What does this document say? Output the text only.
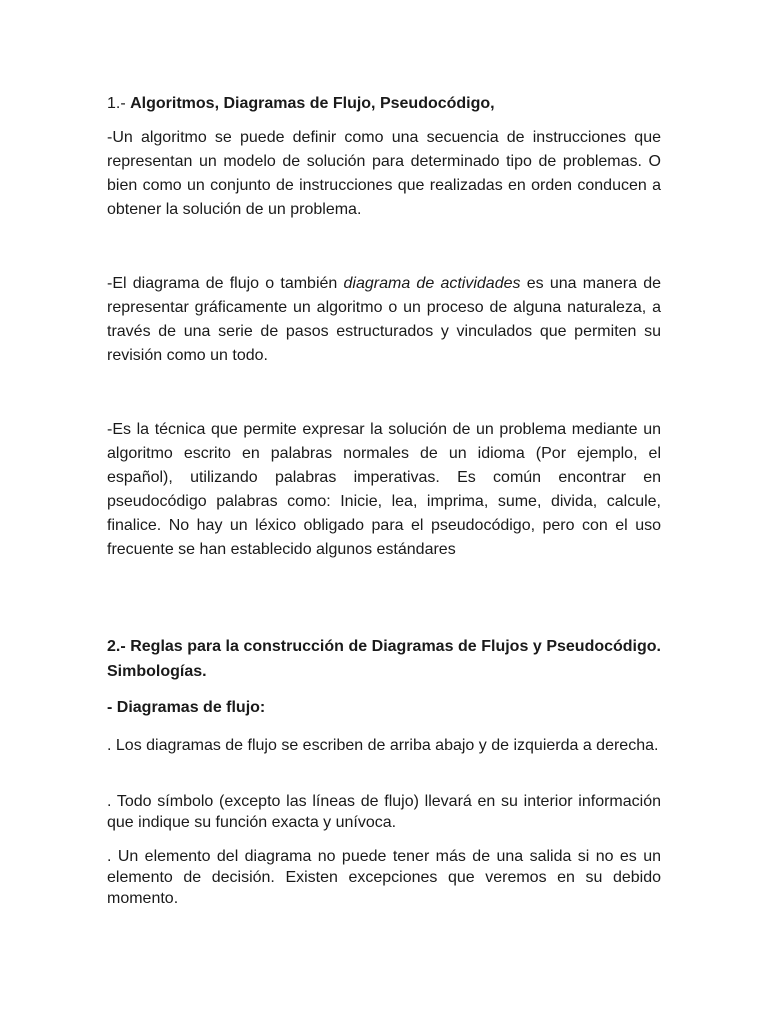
1.- Algoritmos, Diagramas de Flujo, Pseudocódigo,

-Un algoritmo se puede definir como una secuencia de instrucciones que representan un modelo de solución para determinado tipo de problemas. O bien como un conjunto de instrucciones que realizadas en orden conducen a obtener la solución de un problema.

-El diagrama de flujo o también diagrama de actividades es una manera de representar gráficamente un algoritmo o un proceso de alguna naturaleza, a través de una serie de pasos estructurados y vinculados que permiten su revisión como un todo.

-Es la técnica que permite expresar la solución de un problema mediante un algoritmo escrito en palabras normales de un idioma (Por ejemplo, el español), utilizando palabras imperativas. Es común encontrar en pseudocódigo palabras como: Inicie, lea, imprima, sume, divida, calcule, finalice. No hay un léxico obligado para el pseudocódigo, pero con el uso frecuente se han establecido algunos estándares

2.- Reglas para la construcción de Diagramas de Flujos y Pseudocódigo. Simbologías.

- Diagramas de flujo:

. Los diagramas de flujo se escriben de arriba abajo y de izquierda a derecha.

. Todo símbolo (excepto las líneas de flujo) llevará en su interior información que indique su función exacta y unívoca.

. Un elemento del diagrama no puede tener más de una salida si no es un elemento de decisión. Existen excepciones que veremos en su debido momento.
